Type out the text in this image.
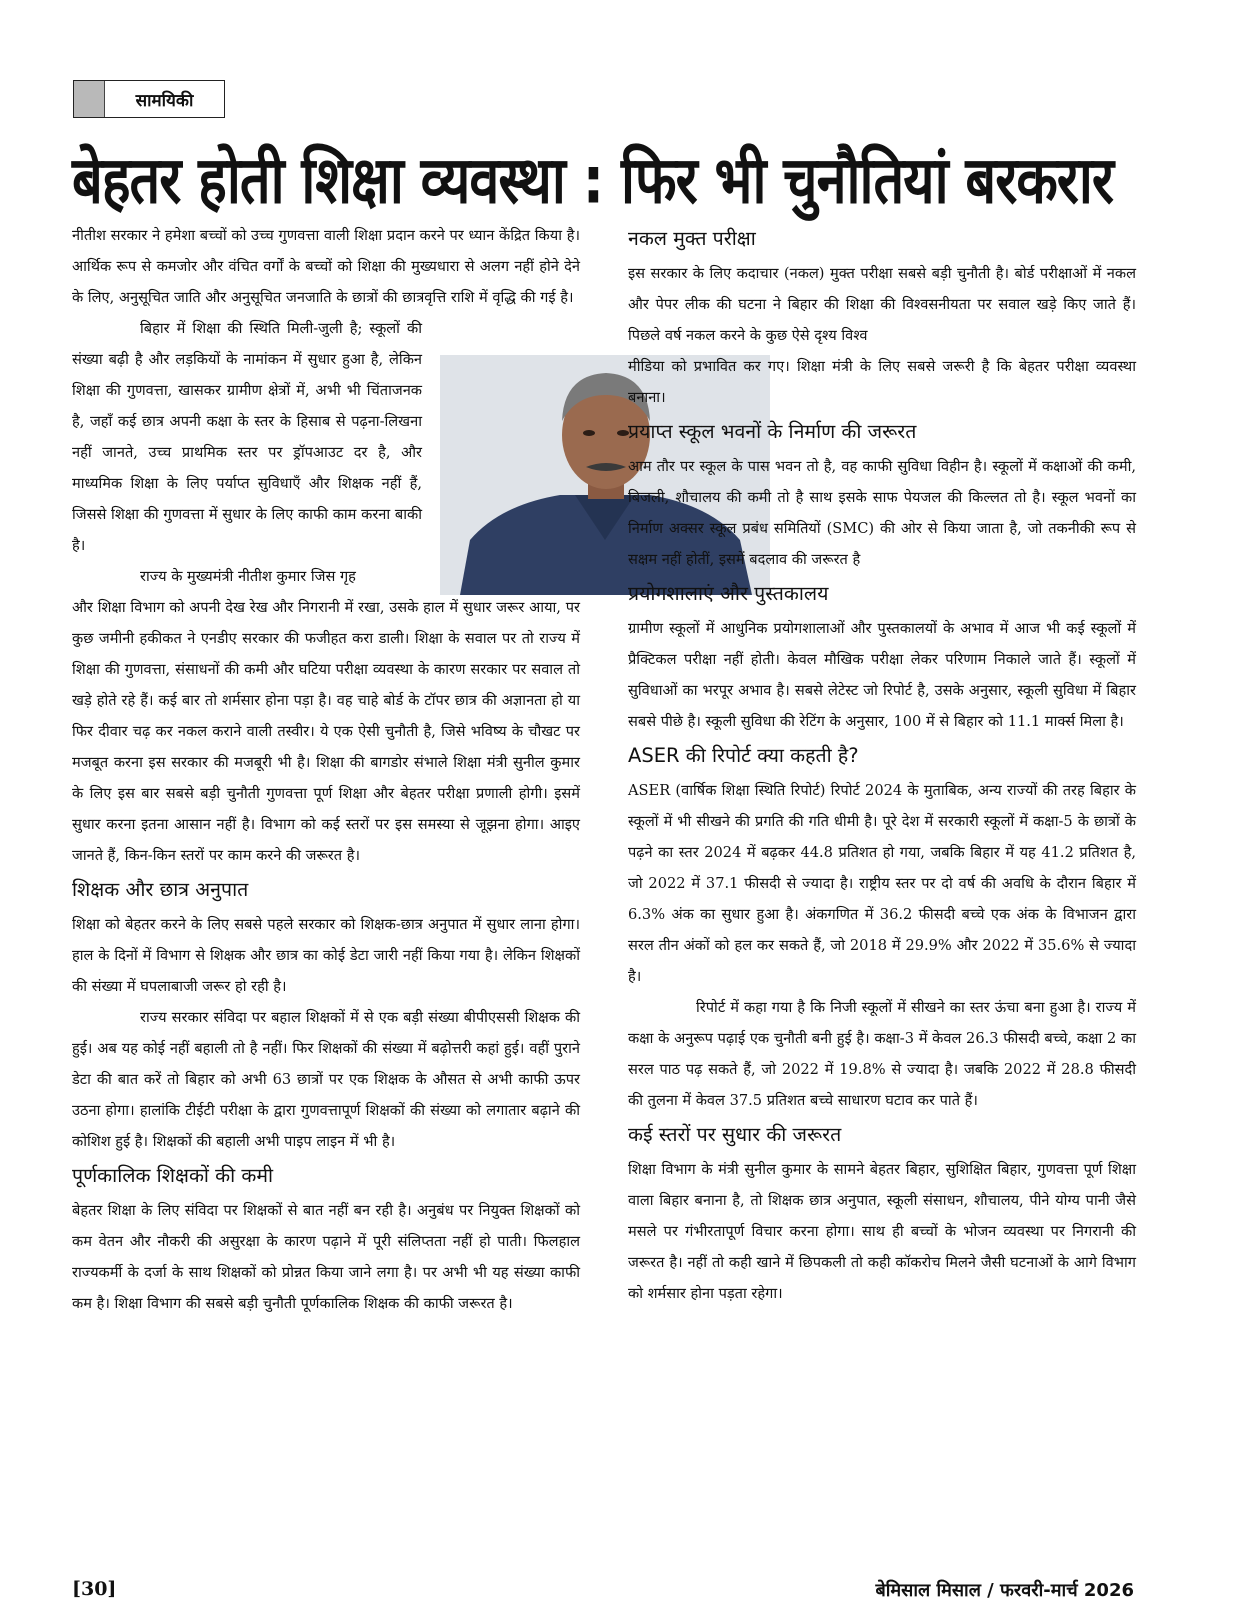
सामयिकी
बेहतर होती शिक्षा व्यवस्था : फिर भी चुनौतियां बरकरार

नीतीश सरकार ने हमेशा बच्चों को उच्च गुणवत्ता वाली शिक्षा प्रदान करने पर ध्यान केंद्रित किया है। आर्थिक रूप से कमजोर और वंचित वर्गों के बच्चों को शिक्षा की मुख्यधारा से अलग नहीं होने देने के लिए, अनुसूचित जाति और अनुसूचित जनजाति के छात्रों की छात्रवृत्ति राशि में वृद्धि की गई है।

बिहार में शिक्षा की स्थिति मिली-जुली है; स्कूलों की संख्या बढ़ी है और लड़कियों के नामांकन में सुधार हुआ है, लेकिन शिक्षा की गुणवत्ता, खासकर ग्रामीण क्षेत्रों में, अभी भी चिंताजनक है, जहाँ कई छात्र अपनी कक्षा के स्तर के हिसाब से पढ़ना-लिखना नहीं जानते, उच्च प्राथमिक स्तर पर ड्रॉपआउट दर है, और माध्यमिक शिक्षा के लिए पर्याप्त सुविधाएँ और शिक्षक नहीं हैं, जिससे शिक्षा की गुणवत्ता में सुधार के लिए काफी काम करना बाकी है।

राज्य के मुख्यमंत्री नीतीश कुमार जिस गृह

और शिक्षा विभाग को अपनी देख रेख और निगरानी में रखा, उसके हाल में सुधार जरूर आया, पर कुछ जमीनी हकीकत ने एनडीए सरकार की फजीहत करा डाली। शिक्षा के सवाल पर तो राज्य में शिक्षा की गुणवत्ता, संसाधनों की कमी और घटिया परीक्षा व्यवस्था के कारण सरकार पर सवाल तो खड़े होते रहे हैं। कई बार तो शर्मसार होना पड़ा है। वह चाहे बोर्ड के टॉपर छात्र की अज्ञानता हो या फिर दीवार चढ़ कर नकल कराने वाली तस्वीर। ये एक ऐसी चुनौती है, जिसे भविष्य के चौखट पर मजबूत करना इस सरकार की मजबूरी भी है। शिक्षा की बागडोर संभाले शिक्षा मंत्री सुनील कुमार के लिए इस बार सबसे बड़ी चुनौती गुणवत्ता पूर्ण शिक्षा और बेहतर परीक्षा प्रणाली होगी। इसमें सुधार करना इतना आसान नहीं है। विभाग को कई स्तरों पर इस समस्या से जूझना होगा। आइए जानते हैं, किन-किन स्तरों पर काम करने की जरूरत है।

शिक्षक और छात्र अनुपात

शिक्षा को बेहतर करने के लिए सबसे पहले सरकार को शिक्षक-छात्र अनुपात में सुधार लाना होगा। हाल के दिनों में विभाग से शिक्षक और छात्र का कोई डेटा जारी नहीं किया गया है। लेकिन शिक्षकों की संख्या में घपलाबाजी जरूर हो रही है।

राज्य सरकार संविदा पर बहाल शिक्षकों में से एक बड़ी संख्या बीपीएससी शिक्षक की हुई। अब यह कोई नहीं बहाली तो है नहीं। फिर शिक्षकों की संख्या में बढ़ोत्तरी कहां हुई। वहीं पुराने डेटा की बात करें तो बिहार को अभी 63 छात्रों पर एक शिक्षक के औसत से अभी काफी ऊपर उठना होगा। हालांकि टीईटी परीक्षा के द्वारा गुणवत्तापूर्ण शिक्षकों की संख्या को लगातार बढ़ाने की कोशिश हुई है। शिक्षकों की बहाली अभी पाइप लाइन में भी है।

पूर्णकालिक शिक्षकों की कमी

बेहतर शिक्षा के लिए संविदा पर शिक्षकों से बात नहीं बन रही है। अनुबंध पर नियुक्त शिक्षकों को कम वेतन और नौकरी की असुरक्षा के कारण पढ़ाने में पूरी संलिप्तता नहीं हो पाती। फिलहाल राज्यकर्मी के दर्जा के साथ शिक्षकों को प्रोन्नत किया जाने लगा है। पर अभी भी यह संख्या काफी कम है। शिक्षा विभाग की सबसे बड़ी चुनौती पूर्णकालिक शिक्षक की काफी जरूरत है।

नकल मुक्त परीक्षा

इस सरकार के लिए कदाचार (नकल) मुक्त परीक्षा सबसे बड़ी चुनौती है। बोर्ड परीक्षाओं में नकल और पेपर लीक की घटना ने बिहार की शिक्षा की विश्वसनीयता पर सवाल खड़े किए जाते हैं। पिछले वर्ष नकल करने के कुछ ऐसे दृश्य विश्व

मीडिया को प्रभावित कर गए। शिक्षा मंत्री के लिए सबसे जरूरी है कि बेहतर परीक्षा व्यवस्था बनाना।

प्रयाप्त स्कूल भवनों के निर्माण की जरूरत

आम तौर पर स्कूल के पास भवन तो है, वह काफी सुविधा विहीन है। स्कूलों में कक्षाओं की कमी, बिजली, शौचालय की कमी तो है साथ इसके साफ पेयजल की किल्लत तो है। स्कूल भवनों का निर्माण अक्सर स्कूल प्रबंध समितियों (SMC) की ओर से किया जाता है, जो तकनीकी रूप से सक्षम नहीं होतीं, इसमें बदलाव की जरूरत है

प्रयोगशालाएं और पुस्तकालय

ग्रामीण स्कूलों में आधुनिक प्रयोगशालाओं और पुस्तकालयों के अभाव में आज भी कई स्कूलों में प्रैक्टिकल परीक्षा नहीं होती। केवल मौखिक परीक्षा लेकर परिणाम निकाले जाते हैं। स्कूलों में सुविधाओं का भरपूर अभाव है। सबसे लेटेस्ट जो रिपोर्ट है, उसके अनुसार, स्कूली सुविधा में बिहार सबसे पीछे है। स्कूली सुविधा की रेटिंग के अनुसार, 100 में से बिहार को 11.1 मार्क्स मिला है।

ASER की रिपोर्ट क्या कहती है?

ASER (वार्षिक शिक्षा स्थिति रिपोर्ट) रिपोर्ट 2024 के मुताबिक, अन्य राज्यों की तरह बिहार के स्कूलों में भी सीखने की प्रगति की गति धीमी है। पूरे देश में सरकारी स्कूलों में कक्षा-5 के छात्रों के पढ़ने का स्तर 2024 में बढ़कर 44.8 प्रतिशत हो गया, जबकि बिहार में यह 41.2 प्रतिशत है, जो 2022 में 37.1 फीसदी से ज्यादा है। राष्ट्रीय स्तर पर दो वर्ष की अवधि के दौरान बिहार में 6.3% अंक का सुधार हुआ है। अंकगणित में 36.2 फीसदी बच्चे एक अंक के विभाजन द्वारा सरल तीन अंकों को हल कर सकते हैं, जो 2018 में 29.9% और 2022 में 35.6% से ज्यादा है।

रिपोर्ट में कहा गया है कि निजी स्कूलों में सीखने का स्तर ऊंचा बना हुआ है। राज्य में कक्षा के अनुरूप पढ़ाई एक चुनौती बनी हुई है। कक्षा-3 में केवल 26.3 फीसदी बच्चे, कक्षा 2 का सरल पाठ पढ़ सकते हैं, जो 2022 में 19.8% से ज्यादा है। जबकि 2022 में 28.8 फीसदी की तुलना में केवल 37.5 प्रतिशत बच्चे साधारण घटाव कर पाते हैं।

कई स्तरों पर सुधार की जरूरत

शिक्षा विभाग के मंत्री सुनील कुमार के सामने बेहतर बिहार, सुशिक्षित बिहार, गुणवत्ता पूर्ण शिक्षा वाला बिहार बनाना है, तो शिक्षक छात्र अनुपात, स्कूली संसाधन, शौचालय, पीने योग्य पानी जैसे मसले पर गंभीरतापूर्ण विचार करना होगा। साथ ही बच्चों के भोजन व्यवस्था पर निगरानी की जरूरत है। नहीं तो कही खाने में छिपकली तो कही कॉकरोच मिलने जैसी घटनाओं के आगे विभाग को शर्मसार होना पड़ता रहेगा।

[30]	बेमिसाल मिसाल / फरवरी-मार्च 2026
